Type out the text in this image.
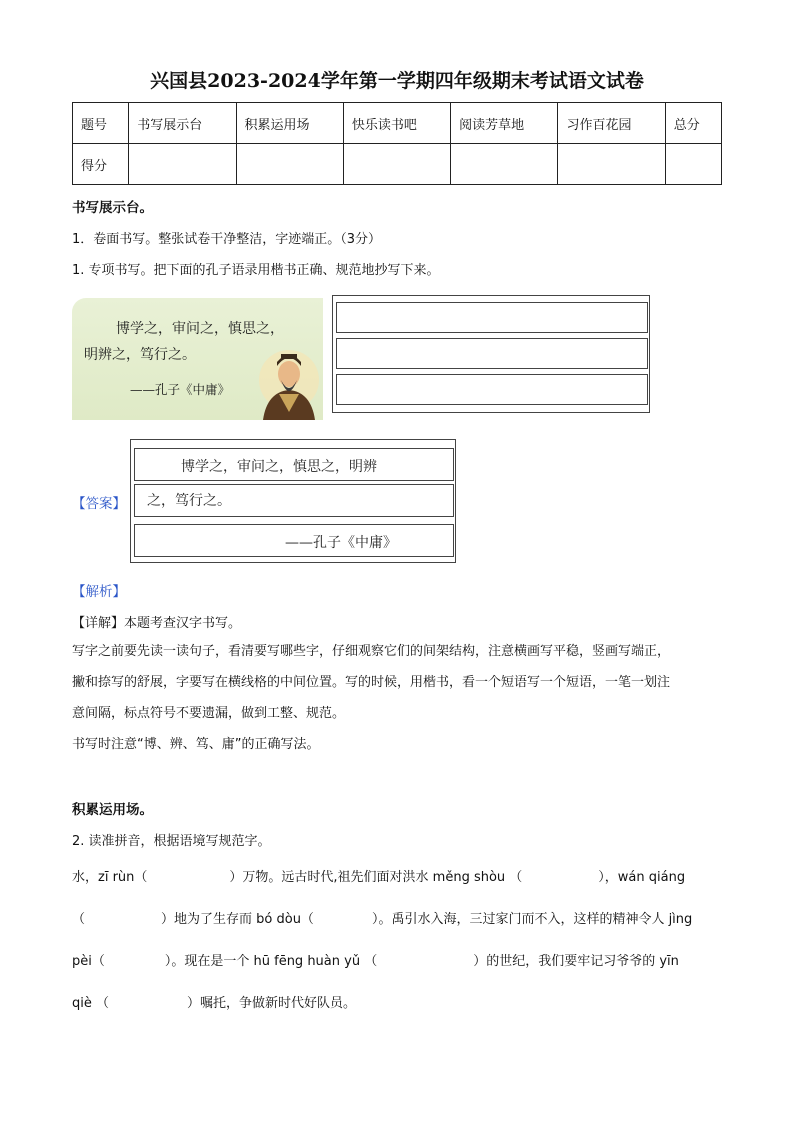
兴国县2023-2024学年第一学期四年级期末考试语文试卷
题号	书写展示台	积累运用场	快乐读书吧	阅读芳草地	习作百花园	总分
得分						
书写展示台。
1．卷面书写。整张试卷干净整洁，字迹端正。（3分）
1. 专项书写。把下面的孔子语录用楷书正确、规范地抄写下来。
博学之，审问之，慎思之，
明辨之，笃行之。
——孔子《中庸》
【答案】
博学之，审问之，慎思之，明辨
之，笃行之。
——孔子《中庸》
【解析】
【详解】本题考查汉字书写。
写字之前要先读一读句子，看清要写哪些字，仔细观察它们的间架结构，注意横画写平稳，竖画写端正，
撇和捺写的舒展，字要写在横线格的中间位置。写的时候，用楷书，看一个短语写一个短语，一笔一划注
意间隔，标点符号不要遗漏，做到工整、规范。
书写时注意“博、辨、笃、庸”的正确写法。
积累运用场。
2. 读准拼音，根据语境写规范字。
水，zī rùn（	）万物。远古时代,祖先们面对洪水 měng shòu （	），wán qiáng
（	）地为了生存而 bó dòu（	）。禹引水入海，三过家门而不入，这样的精神令人 jìng
pèi（	）。现在是一个 hū fēng huàn yǔ （	）的世纪，我们要牢记习爷爷的 yīn
qiè （	）嘱托，争做新时代好队员。
